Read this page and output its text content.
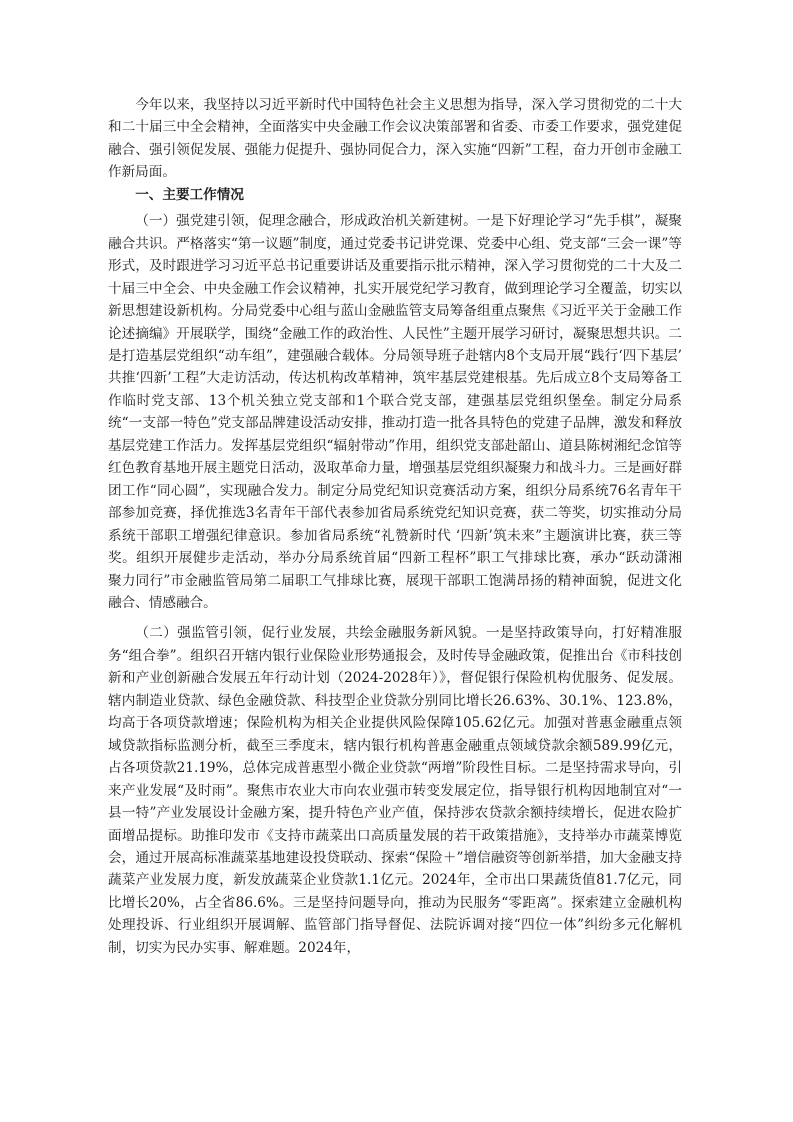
今年以来，我坚持以习近平新时代中国特色社会主义思想为指导，深入学习贯彻党的二十大和二十届三中全会精神，全面落实中央金融工作会议决策部署和省委、市委工作要求，强党建促融合、强引领促发展、强能力促提升、强协同促合力，深入实施“四新”工程，奋力开创市金融工作新局面。

一、主要工作情况

（一）强党建引领，促理念融合，形成政治机关新建树。一是下好理论学习“先手棋”，凝聚融合共识。严格落实“第一议题”制度，通过党委书记讲党课、党委中心组、党支部“三会一课”等形式，及时跟进学习习近平总书记重要讲话及重要指示批示精神，深入学习贯彻党的二十大及二十届三中全会、中央金融工作会议精神，扎实开展党纪学习教育，做到理论学习全覆盖，切实以新思想建设新机构。分局党委中心组与蓝山金融监管支局筹备组重点聚焦《习近平关于金融工作论述摘编》开展联学，围绕“金融工作的政治性、人民性”主题开展学习研讨，凝聚思想共识。二是打造基层党组织“动车组”，建强融合载体。分局领导班子赴辖内8个支局开展“践行‘四下基层’ 共推‘四新’工程”大走访活动，传达机构改革精神，筑牢基层党建根基。先后成立8个支局筹备工作临时党支部、13个机关独立党支部和1个联合党支部，建强基层党组织堡垒。制定分局系统“一支部一特色”党支部品牌建设活动安排，推动打造一批各具特色的党建子品牌，激发和释放基层党建工作活力。发挥基层党组织“辐射带动”作用，组织党支部赴韶山、道县陈树湘纪念馆等红色教育基地开展主题党日活动，汲取革命力量，增强基层党组织凝聚力和战斗力。三是画好群团工作“同心圆”，实现融合发力。制定分局党纪知识竞赛活动方案，组织分局系统76名青年干部参加竞赛，择优推选3名青年干部代表参加省局系统党纪知识竞赛，获二等奖，切实推动分局系统干部职工增强纪律意识。参加省局系统“礼赞新时代 ‘四新’筑未来”主题演讲比赛，获三等奖。组织开展健步走活动，举办分局系统首届“四新工程杯”职工气排球比赛，承办“跃动潇湘　聚力同行”市金融监管局第二届职工气排球比赛，展现干部职工饱满昂扬的精神面貌，促进文化融合、情感融合。

（二）强监管引领，促行业发展，共绘金融服务新风貌。一是坚持政策导向，打好精准服务“组合拳”。组织召开辖内银行业保险业形势通报会，及时传导金融政策，促推出台《市科技创新和产业创新融合发展五年行动计划（2024-2028年）》，督促银行保险机构优服务、促发展。辖内制造业贷款、绿色金融贷款、科技型企业贷款分别同比增长26.63%、30.1%、123.8%，均高于各项贷款增速；保险机构为相关企业提供风险保障105.62亿元。加强对普惠金融重点领域贷款指标监测分析，截至三季度末，辖内银行机构普惠金融重点领域贷款余额589.99亿元，占各项贷款21.19%，总体完成普惠型小微企业贷款“两增”阶段性目标。二是坚持需求导向，引来产业发展“及时雨”。聚焦市农业大市向农业强市转变发展定位，指导银行机构因地制宜对“一县一特”产业发展设计金融方案，提升特色产业产值，保持涉农贷款余额持续增长，促进农险扩面增品提标。助推印发市《支持市蔬菜出口高质量发展的若干政策措施》，支持举办市蔬菜博览会，通过开展高标准蔬菜基地建设投贷联动、探索“保险＋”增信融资等创新举措，加大金融支持蔬菜产业发展力度，新发放蔬菜企业贷款1.1亿元。2024年，全市出口果蔬货值81.7亿元，同比增长20%，占全省86.6%。三是坚持问题导向，推动为民服务“零距离”。探索建立金融机构处理投诉、行业组织开展调解、监管部门指导督促、法院诉调对接“四位一体”纠纷多元化解机制，切实为民办实事、解难题。2024年，
